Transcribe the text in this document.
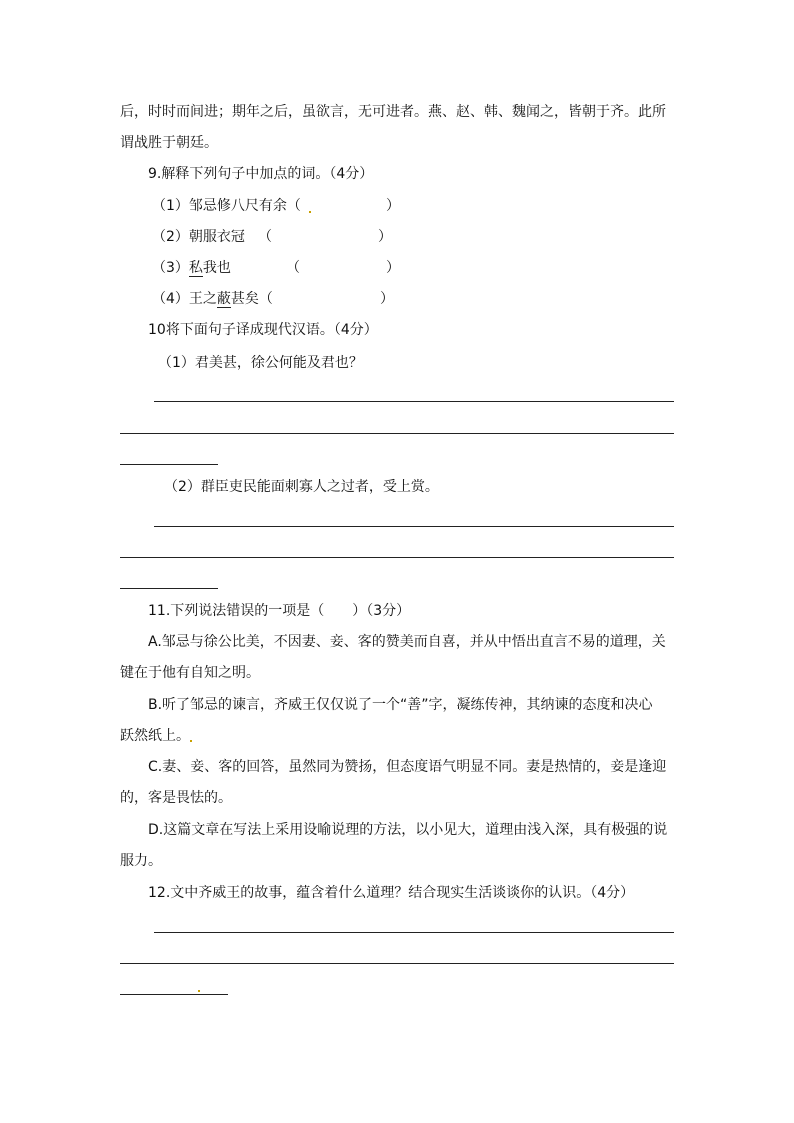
后，时时而间进；期年之后，虽欲言，无可进者。燕、赵、韩、魏闻之，皆朝于齐。此所
谓战胜于朝廷。
9.解释下列句子中加点的词。（4分）
（1）邹忌修八尺有余（	）
（2）朝服衣冠 （	）
（3）私我也	（	）
（4）王之蔽甚矣（	）
10将下面句子译成现代汉语。（4分）
（1）君美甚，徐公何能及君也？
（2）群臣吏民能面刺寡人之过者，受上赏。
11.下列说法错误的一项是（　　）（3分）
A.邹忌与徐公比美，不因妻、妾、客的赞美而自喜，并从中悟出直言不易的道理，关
键在于他有自知之明。
B.听了邹忌的谏言，齐威王仅仅说了一个“善”字，凝练传神，其纳谏的态度和决心
跃然纸上。
C.妻、妾、客的回答，虽然同为赞扬，但态度语气明显不同。妻是热情的，妾是逢迎
的，客是畏怯的。
D.这篇文章在写法上采用设喻说理的方法，以小见大，道理由浅入深，具有极强的说
服力。
12.文中齐威王的故事，蕴含着什么道理？结合现实生活谈谈你的认识。（4分）
